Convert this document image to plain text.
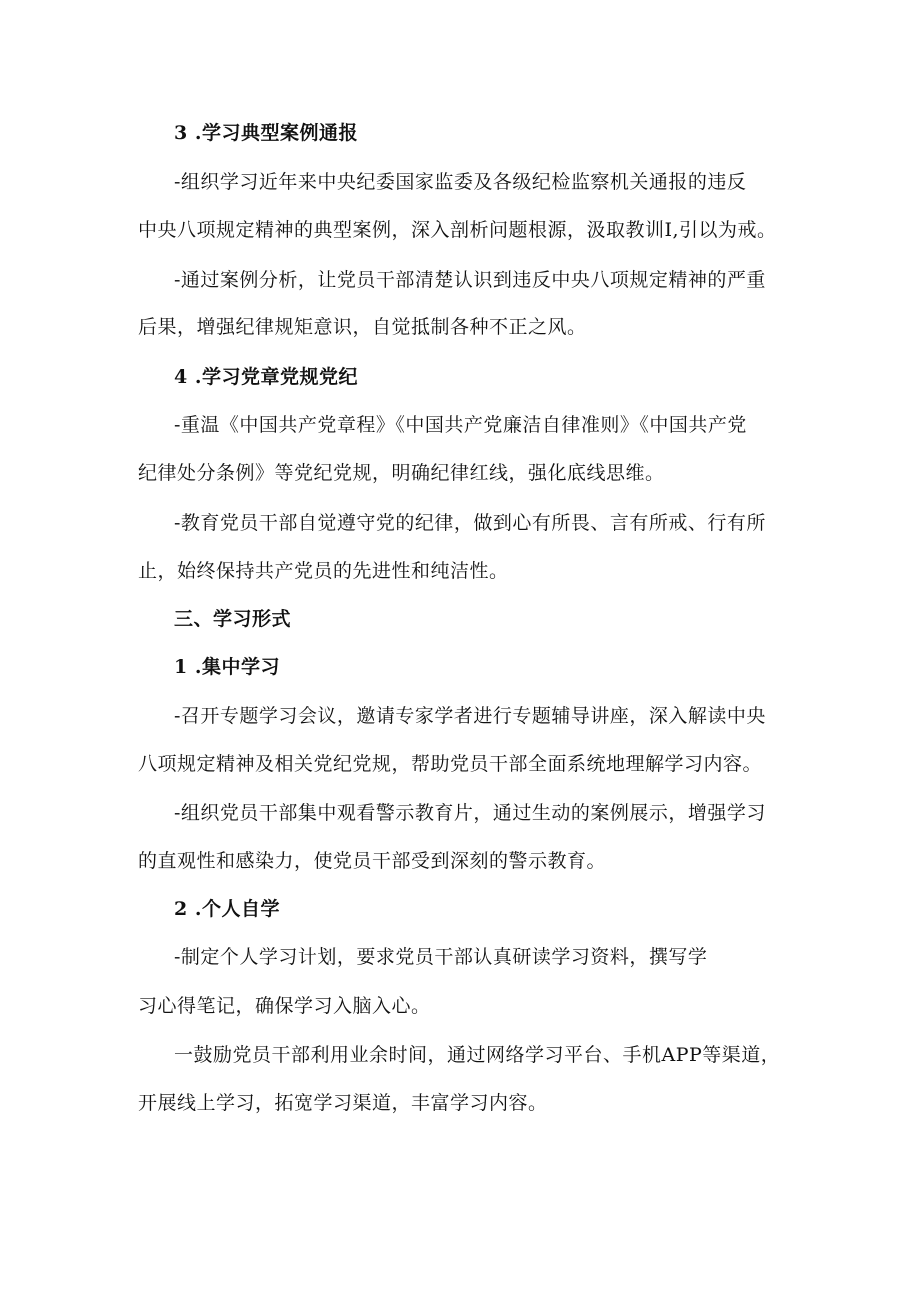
3 .学习典型案例通报
-组织学习近年来中央纪委国家监委及各级纪检监察机关通报的违反
中央八项规定精神的典型案例，深入剖析问题根源，汲取教训I,引以为戒。
-通过案例分析，让党员干部清楚认识到违反中央八项规定精神的严重
后果，增强纪律规矩意识，自觉抵制各种不正之风。
4 .学习党章党规党纪
-重温《中国共产党章程》《中国共产党廉洁自律准则》《中国共产党
纪律处分条例》等党纪党规，明确纪律红线，强化底线思维。
-教育党员干部自觉遵守党的纪律，做到心有所畏、言有所戒、行有所
止，始终保持共产党员的先进性和纯洁性。
三、学习形式
1 .集中学习
-召开专题学习会议，邀请专家学者进行专题辅导讲座，深入解读中央
八项规定精神及相关党纪党规，帮助党员干部全面系统地理解学习内容。
-组织党员干部集中观看警示教育片，通过生动的案例展示，增强学习
的直观性和感染力，使党员干部受到深刻的警示教育。
2 .个人自学
-制定个人学习计划，要求党员干部认真研读学习资料，撰写学
习心得笔记，确保学习入脑入心。
一鼓励党员干部利用业余时间，通过网络学习平台、手机APP等渠道，
开展线上学习，拓宽学习渠道，丰富学习内容。
